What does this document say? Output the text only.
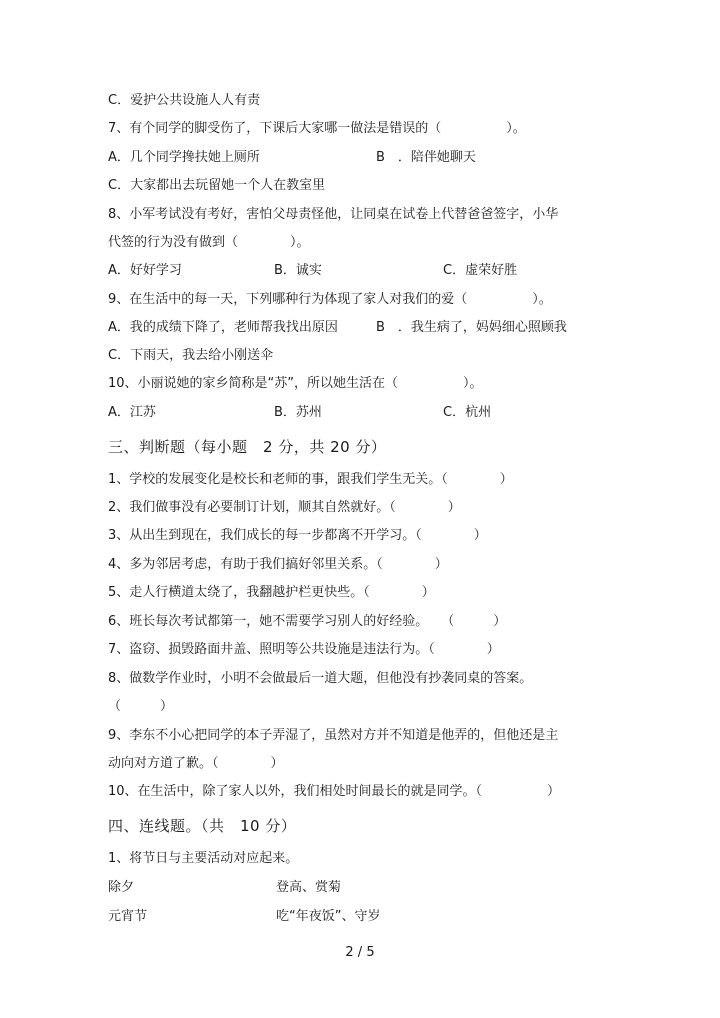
C．爱护公共设施人人有责
7、有个同学的脚受伤了，下课后大家哪一做法是错误的（　　　　　）。
A．几个同学搀扶她上厕所	B　．陪伴她聊天
C．大家都出去玩留她一个人在教室里
8、小军考试没有考好，害怕父母责怪他，让同桌在试卷上代替爸爸签字，小华
代签的行为没有做到（　　　　）。
A．好好学习	B．诚实	C．虚荣好胜
9、在生活中的每一天，下列哪种行为体现了家人对我们的爱（　　　　　）。
A．我的成绩下降了，老师帮我找出原因	B　．我生病了，妈妈细心照顾我
C．下雨天，我去给小刚送伞
10、小丽说她的家乡简称是“苏”，所以她生活在（　　　　　）。
A．江苏	B．苏州	C．杭州
三、判断题（每小题　2 分，共 20 分）
1、学校的发展变化是校长和老师的事，跟我们学生无关。（　　　　）
2、我们做事没有必要制订计划，顺其自然就好。（　　　　）
3、从出生到现在，我们成长的每一步都离不开学习。（　　　　）
4、多为邻居考虑，有助于我们搞好邻里关系。（　　　　）
5、走人行横道太绕了，我翻越护栏更快些。（　　　　）
6、班长每次考试都第一，她不需要学习别人的好经验。　　（　　　）
7、盗窃、损毁路面井盖、照明等公共设施是违法行为。（　　　　）
8、做数学作业时，小明不会做最后一道大题，但他没有抄袭同桌的答案。
（　　　）
9、李东不小心把同学的本子弄湿了，虽然对方并不知道是他弄的，但他还是主
动向对方道了歉。（　　　　）
10、在生活中，除了家人以外，我们相处时间最长的就是同学。（　　　　　）
四、连线题。（共　10 分）
1、将节日与主要活动对应起来。
除夕	登高、赏菊
元宵节	吃“年夜饭”、守岁
2 / 5
